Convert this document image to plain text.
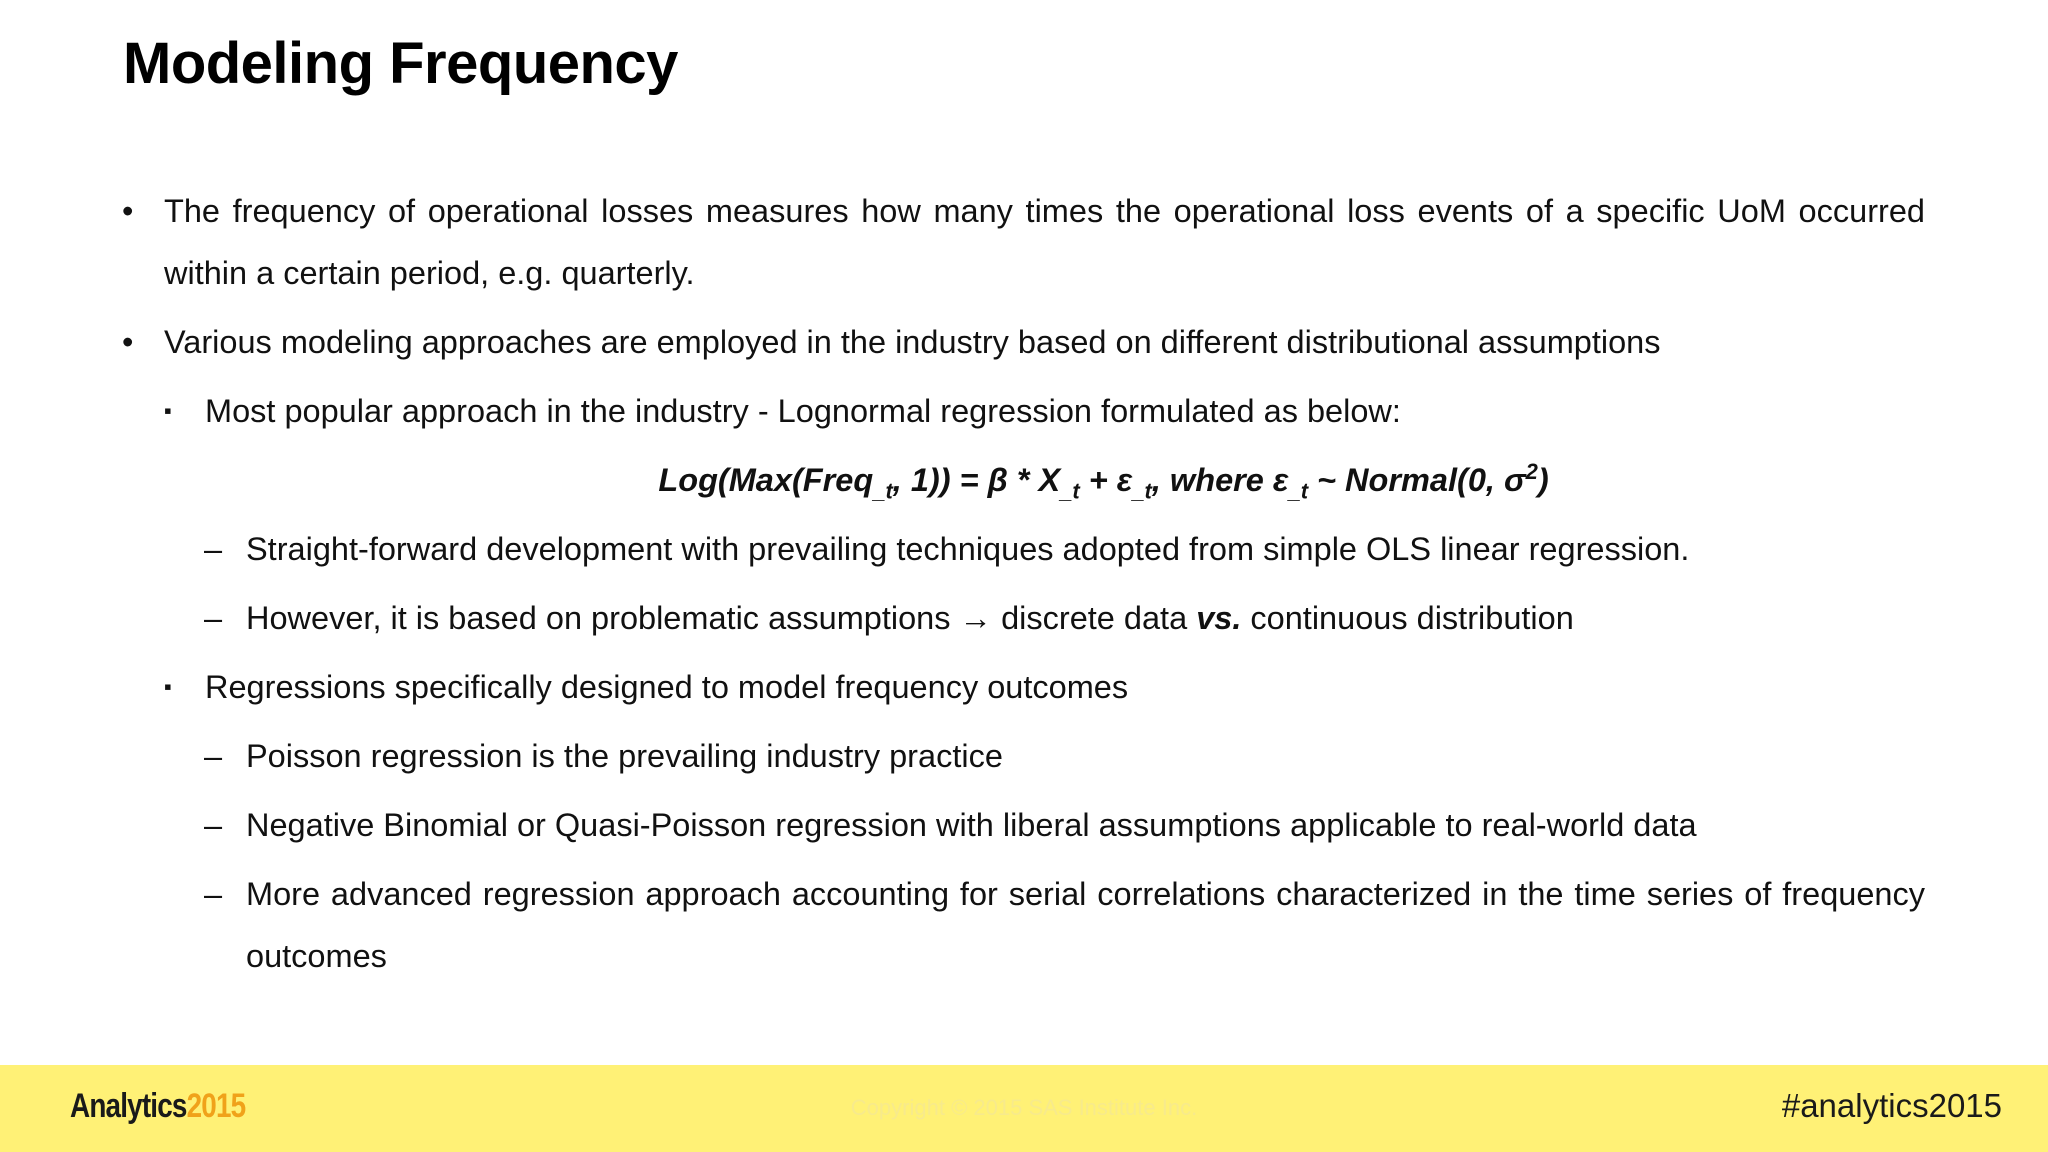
Modeling Frequency
• The frequency of operational losses measures how many times the operational loss events of a specific UoM occurred within a certain period, e.g. quarterly.
• Various modeling approaches are employed in the industry based on different distributional assumptions
▪ Most popular approach in the industry - Lognormal regression formulated as below:
Log(Max(Freq$_{\_t}$, $1)) = \beta * X_{\_t} + \varepsilon_{\_t}$, where $\varepsilon_{\_t}$ ~ Normal(0, $\sigma^2$)
– Straight-forward development with prevailing techniques adopted from simple OLS linear regression.
– However, it is based on problematic assumptions → discrete data vs. continuous distribution
▪ Regressions specifically designed to model frequency outcomes
– Poisson regression is the prevailing industry practice
– Negative Binomial or Quasi-Poisson regression with liberal assumptions applicable to real-world data
– More advanced regression approach accounting for serial correlations characterized in the time series of frequency outcomes
Analytics2015	Copyright © 2015 SAS Institute Inc.	#analytics2015
